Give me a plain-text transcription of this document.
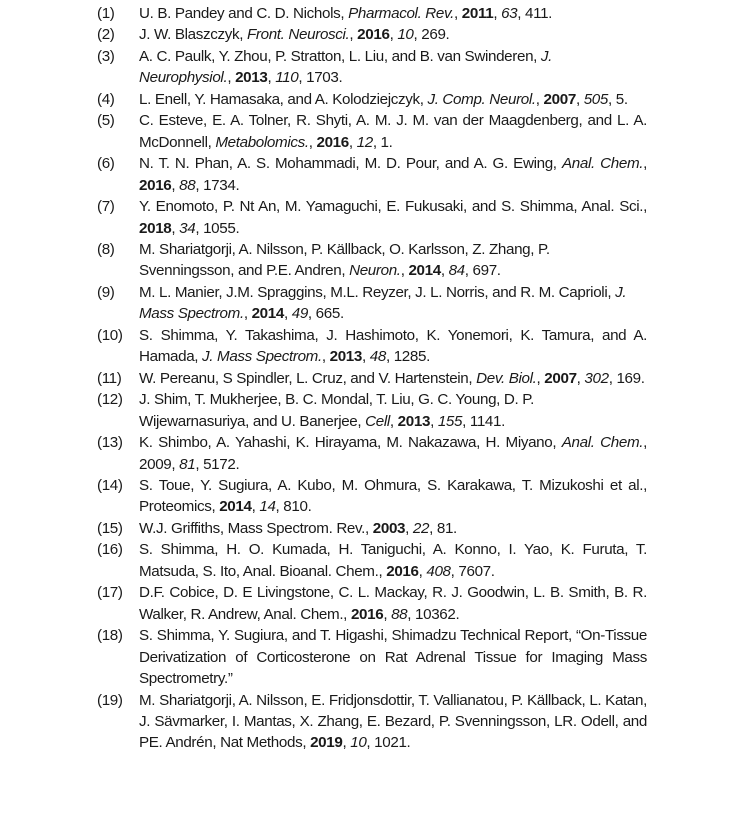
(1)	U. B. Pandey and C. D. Nichols, Pharmacol. Rev., 2011, 63, 411.
(2)	J. W. Blaszczyk, Front. Neurosci., 2016, 10, 269.
(3)	A. C. Paulk, Y. Zhou, P. Stratton, L. Liu, and B. van Swinderen, J. Neurophysiol., 2013, 110, 1703.
(4)	L. Enell, Y. Hamasaka, and A. Kolodziejczyk, J. Comp. Neurol., 2007, 505, 5.
(5)	C. Esteve, E. A. Tolner, R. Shyti, A. M. J. M. van der Maagdenberg, and L. A. McDonnell, Metabolomics., 2016, 12, 1.
(6)	N. T. N. Phan, A. S. Mohammadi, M. D. Pour, and A. G. Ewing, Anal. Chem., 2016, 88, 1734.
(7)	Y. Enomoto, P. Nt An, M. Yamaguchi, E. Fukusaki, and S. Shimma, Anal. Sci., 2018, 34, 1055.
(8)	M. Shariatgorji, A. Nilsson, P. Källback, O. Karlsson, Z. Zhang, P. Svenningsson, and P.E. Andren, Neuron., 2014, 84, 697.
(9)	M. L. Manier, J.M. Spraggins, M.L. Reyzer, J. L. Norris, and R. M. Caprioli, J. Mass Spectrom., 2014, 49, 665.
(10)	S. Shimma, Y. Takashima, J. Hashimoto, K. Yonemori, K. Tamura, and A. Hamada, J. Mass Spectrom., 2013, 48, 1285.
(11)	W. Pereanu, S Spindler, L. Cruz, and V. Hartenstein, Dev. Biol., 2007, 302, 169.
(12)	J. Shim, T. Mukherjee, B. C. Mondal, T. Liu, G. C. Young, D. P. Wijewarnasuriya, and U. Banerjee, Cell, 2013, 155, 1141.
(13)	K. Shimbo, A. Yahashi, K. Hirayama, M. Nakazawa, H. Miyano, Anal. Chem., 2009, 81, 5172.
(14)	S. Toue, Y. Sugiura, A. Kubo, M. Ohmura, S. Karakawa, T. Mizukoshi et al., Proteomics, 2014, 14, 810.
(15)	W.J. Griffiths, Mass Spectrom. Rev., 2003, 22, 81.
(16)	S. Shimma, H. O. Kumada, H. Taniguchi, A. Konno, I. Yao, K. Furuta, T. Matsuda, S. Ito, Anal. Bioanal. Chem., 2016, 408, 7607.
(17)	D.F. Cobice, D. E Livingstone, C. L. Mackay, R. J. Goodwin, L. B. Smith, B. R. Walker, R. Andrew, Anal. Chem., 2016, 88, 10362.
(18)	S. Shimma, Y. Sugiura, and T. Higashi, Shimadzu Technical Report, “On-Tissue Derivatization of Corticosterone on Rat Adrenal Tissue for Imaging Mass Spectrometry.”
(19)	M. Shariatgorji, A. Nilsson, E. Fridjonsdottir, T. Vallianatou, P. Källback, L. Katan, J. Sävmarker, I. Mantas, X. Zhang, E. Bezard, P. Svenningsson, LR. Odell, and PE. Andrén, Nat Methods, 2019, 10, 1021.
